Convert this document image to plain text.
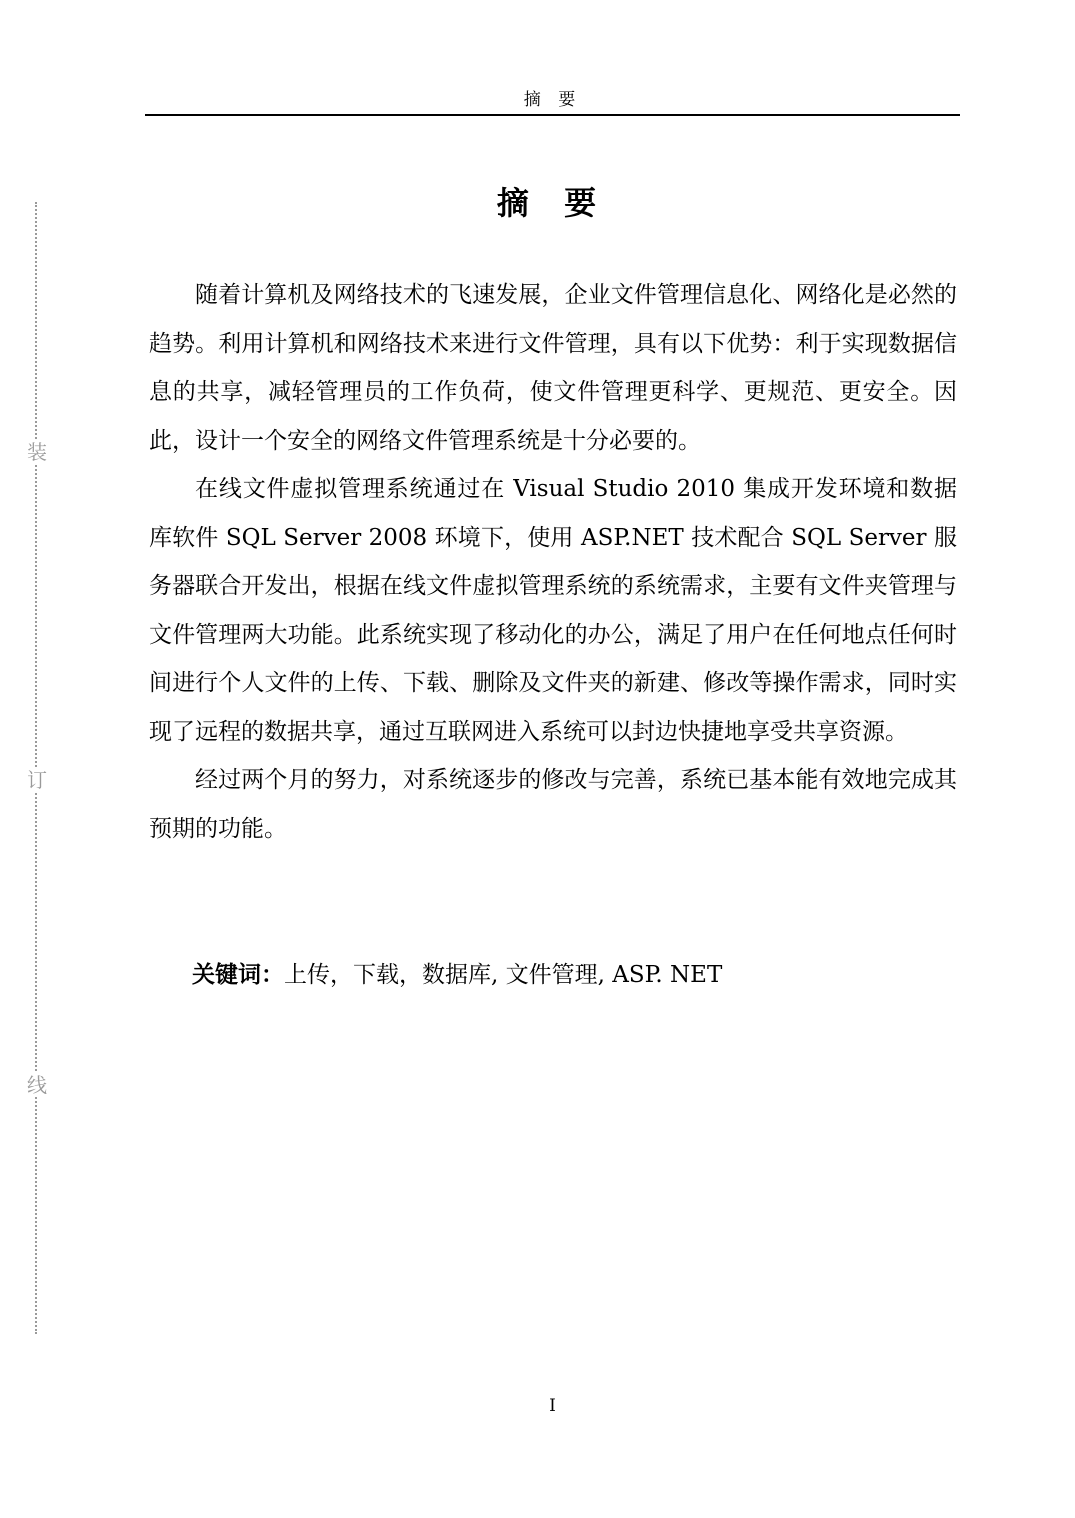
摘 要
装
订
线
摘 要

随着计算机及网络技术的飞速发展，企业文件管理信息化、网络化是必然的趋势。利用计算机和网络技术来进行文件管理，具有以下优势：利于实现数据信息的共享，减轻管理员的工作负荷，使文件管理更科学、更规范、更安全。因此，设计一个安全的网络文件管理系统是十分必要的。

在线文件虚拟管理系统通过在 Visual Studio 2010 集成开发环境和数据库软件 SQL Server 2008 环境下，使用 ASP.NET 技术配合 SQL Server 服务器联合开发出，根据在线文件虚拟管理系统的系统需求，主要有文件夹管理与文件管理两大功能。此系统实现了移动化的办公，满足了用户在任何地点任何时间进行个人文件的上传、下载、删除及文件夹的新建、修改等操作需求，同时实现了远程的数据共享，通过互联网进入系统可以封边快捷地享受共享资源。

经过两个月的努力，对系统逐步的修改与完善，系统已基本能有效地完成其预期的功能。

关键词：上传，下载，数据库, 文件管理, ASP. NET
I
